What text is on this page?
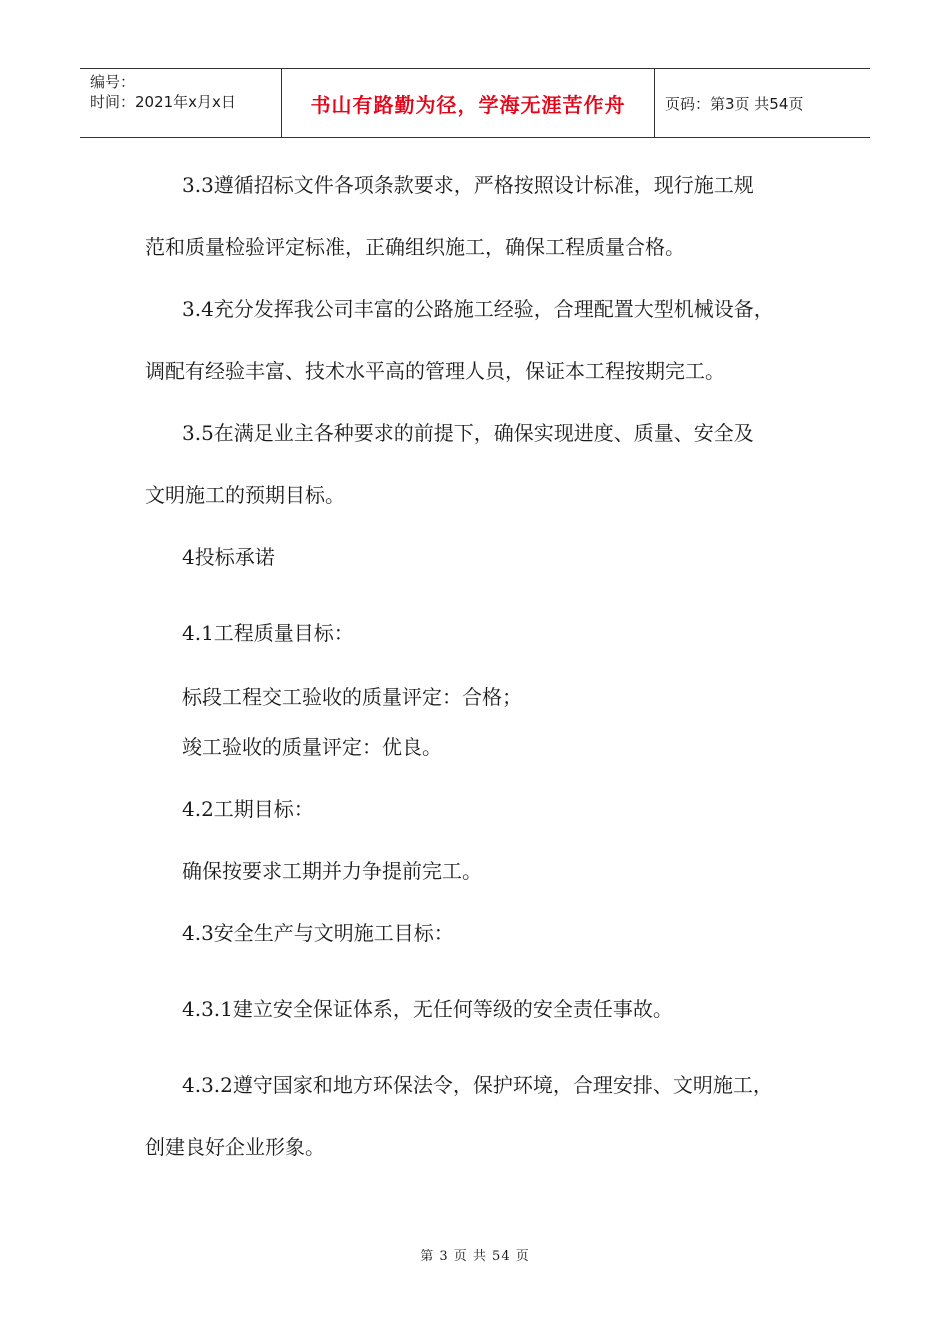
编号：
时间：2021年x月x日	书山有路勤为径，学海无涯苦作舟	页码：第3页 共54页
3.3遵循招标文件各项条款要求，严格按照设计标准，现行施工规
范和质量检验评定标准，正确组织施工，确保工程质量合格。
3.4充分发挥我公司丰富的公路施工经验，合理配置大型机械设备，
调配有经验丰富、技术水平高的管理人员，保证本工程按期完工。
3.5在满足业主各种要求的前提下，确保实现进度、质量、安全及
文明施工的预期目标。
4投标承诺
4.1工程质量目标：
标段工程交工验收的质量评定：合格；
竣工验收的质量评定：优良。
4.2工期目标：
确保按要求工期并力争提前完工。
4.3安全生产与文明施工目标：
4.3.1建立安全保证体系，无任何等级的安全责任事故。
4.3.2遵守国家和地方环保法令，保护环境，合理安排、文明施工，
创建良好企业形象。
第 3 页 共 54 页
